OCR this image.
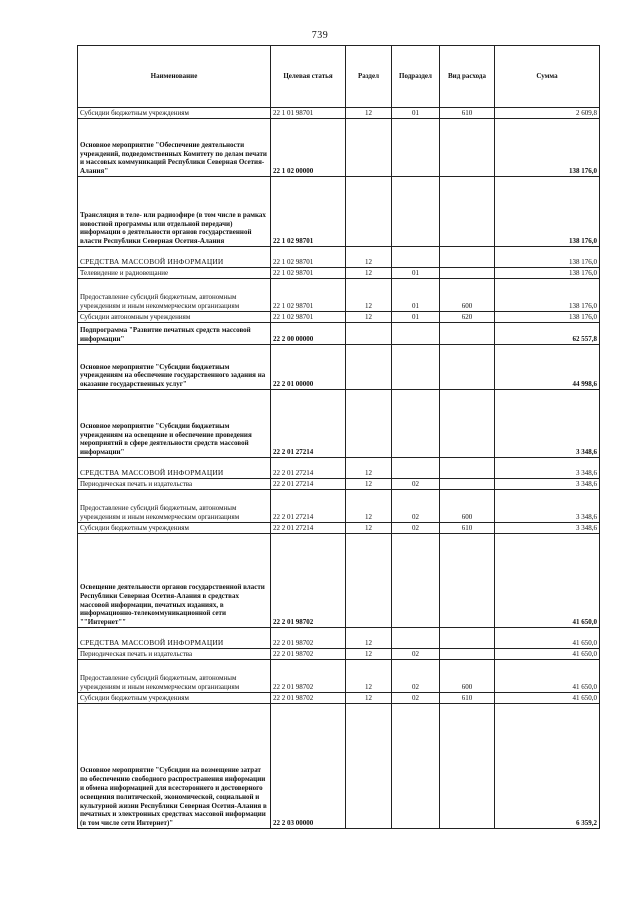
739
Наименование	Целевая статья	Раздел	Подраздел	Вид расхода	Сумма
Субсидии бюджетным учреждениям	22 1 01 98701	12	01	610	2 609,8
Основное мероприятие "Обеспечение деятельности учреждений, подведомственных Комитету по делам печати и массовых коммуникаций Республики Северная Осетия-Алания"	22 1 02 00000				138 176,0
Трансляция в теле- или радиоэфире (в том числе в рамках новостной программы или отдельной передачи) информации о деятельности органов государственной власти Республики Северная Осетия-Алания	22 1 02 98701				138 176,0
СРЕДСТВА МАССОВОЙ ИНФОРМАЦИИ	22 1 02 98701	12			138 176,0
Телевидение и радиовещание	22 1 02 98701	12	01		138 176,0
Предоставление субсидий бюджетным, автономным учреждениям и иным некоммерческим организациям	22 1 02 98701	12	01	600	138 176,0
Субсидии автономным учреждениям	22 1 02 98701	12	01	620	138 176,0
Подпрограмма "Развитие печатных средств массовой информации"	22 2 00 00000				62 557,8
Основное мероприятие "Субсидии бюджетным учреждениям на обеспечение государственного задания на оказание государственных услуг"	22 2 01 00000				44 998,6
Основное мероприятие "Субсидии бюджетным учреждениям на освещение и обеспечение проведения мероприятий в сфере деятельности средств массовой информации"	22 2 01 27214				3 348,6
СРЕДСТВА МАССОВОЙ ИНФОРМАЦИИ	22 2 01 27214	12			3 348,6
Периодическая печать и издательства	22 2 01 27214	12	02		3 348,6
Предоставление субсидий бюджетным, автономным учреждениям и иным некоммерческим организациям	22 2 01 27214	12	02	600	3 348,6
Субсидии бюджетным учреждениям	22 2 01 27214	12	02	610	3 348,6
Освещение деятельности органов государственной власти Республики Северная Осетия-Алания в средствах массовой информации, печатных изданиях, в информационно-телекоммуникационной сети ""Интернет""	22 2 01 98702				41 650,0
СРЕДСТВА МАССОВОЙ ИНФОРМАЦИИ	22 2 01 98702	12			41 650,0
Периодическая печать и издательства	22 2 01 98702	12	02		41 650,0
Предоставление субсидий бюджетным, автономным учреждениям и иным некоммерческим организациям	22 2 01 98702	12	02	600	41 650,0
Субсидии бюджетным учреждениям	22 2 01 98702	12	02	610	41 650,0
Основное мероприятие "Субсидии на возмещение затрат по обеспечению свободного распространения информации и обмена информацией для всестороннего и достоверного освещения политической, экономической, социальной и культурной жизни Республики Северная Осетия-Алания в печатных и электронных средствах массовой информации (в том числе сети Интернет)"	22 2 03 00000				6 359,2
